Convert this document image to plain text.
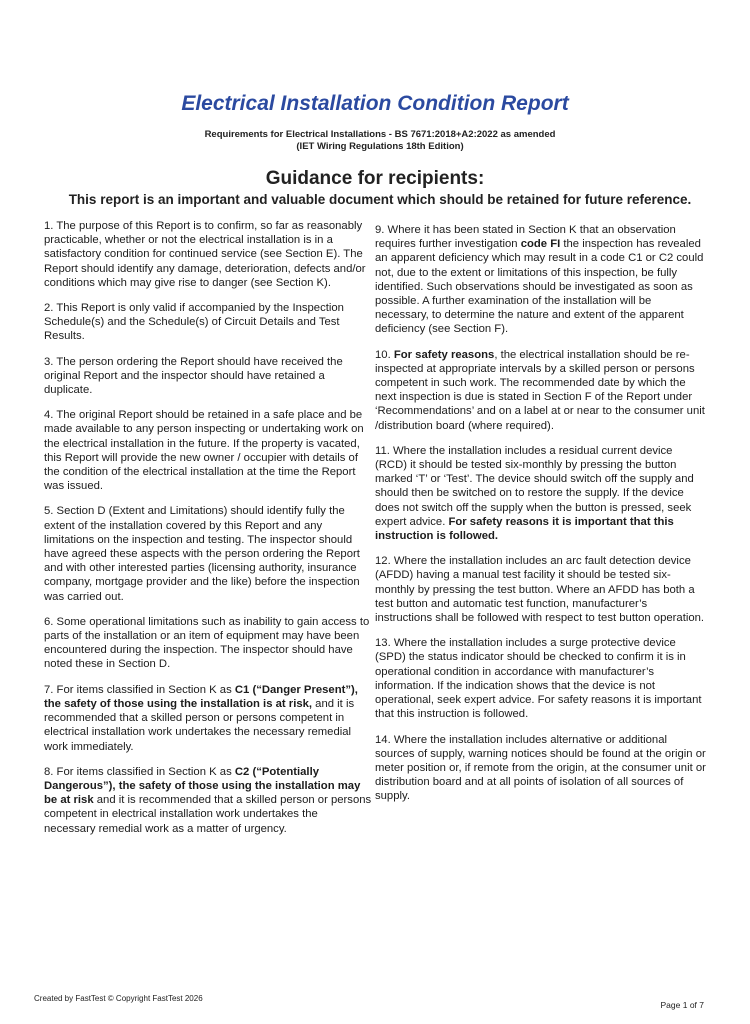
Electrical Installation Condition Report
Requirements for Electrical Installations - BS 7671:2018+A2:2022 as amended
(IET Wiring Regulations 18th Edition)
Guidance for recipients:
This report is an important and valuable document which should be retained for future reference.

1. The purpose of this Report is to confirm, so far as reasonably practicable, whether or not the electrical installation is in a satisfactory condition for continued service (see Section E). The Report should identify any damage, deterioration, defects and/or conditions which may give rise to danger (see Section K).

2. This Report is only valid if accompanied by the Inspection Schedule(s) and the Schedule(s) of Circuit Details and Test Results.

3. The person ordering the Report should have received the original Report and the inspector should have retained a duplicate.

4. The original Report should be retained in a safe place and be made available to any person inspecting or undertaking work on the electrical installation in the future. If the property is vacated, this Report will provide the new owner / occupier with details of the condition of the electrical installation at the time the Report was issued.

5. Section D (Extent and Limitations) should identify fully the extent of the installation covered by this Report and any limitations on the inspection and testing. The inspector should have agreed these aspects with the person ordering the Report and with other interested parties (licensing authority, insurance company, mortgage provider and the like) before the inspection was carried out.

6. Some operational limitations such as inability to gain access to parts of the installation or an item of equipment may have been encountered during the inspection. The inspector should have noted these in Section D.

7. For items classified in Section K as C1 (“Danger Present”), the safety of those using the installation is at risk, and it is recommended that a skilled person or persons competent in electrical installation work undertakes the necessary remedial work immediately.

8. For items classified in Section K as C2 (“Potentially Dangerous”), the safety of those using the installation may be at risk and it is recommended that a skilled person or persons competent in electrical installation work undertakes the necessary remedial work as a matter of urgency.

9. Where it has been stated in Section K that an observation requires further investigation code FI the inspection has revealed an apparent deficiency which may result in a code C1 or C2 could not, due to the extent or limitations of this inspection, be fully identified. Such observations should be investigated as soon as possible. A further examination of the installation will be necessary, to determine the nature and extent of the apparent deficiency (see Section F).

10. For safety reasons, the electrical installation should be re-inspected at appropriate intervals by a skilled person or persons competent in such work. The recommended date by which the next inspection is due is stated in Section F of the Report under ‘Recommendations’ and on a label at or near to the consumer unit /distribution board (where required).

11. Where the installation includes a residual current device (RCD) it should be tested six-monthly by pressing the button marked ‘T’ or ‘Test’. The device should switch off the supply and should then be switched on to restore the supply. If the device does not switch off the supply when the button is pressed, seek expert advice. For safety reasons it is important that this instruction is followed.

12. Where the installation includes an arc fault detection device (AFDD) having a manual test facility it should be tested six-monthly by pressing the test button. Where an AFDD has both a test button and automatic test function, manufacturer’s instructions shall be followed with respect to test button operation.

13. Where the installation includes a surge protective device (SPD) the status indicator should be checked to confirm it is in operational condition in accordance with manufacturer’s information. If the indication shows that the device is not operational, seek expert advice. For safety reasons it is important that this instruction is followed.

14. Where the installation includes alternative or additional sources of supply, warning notices should be found at the origin or meter position or, if remote from the origin, at the consumer unit or distribution board and at all points of isolation of all sources of supply.

Created by FastTest © Copyright FastTest 2026
Page 1 of 7
